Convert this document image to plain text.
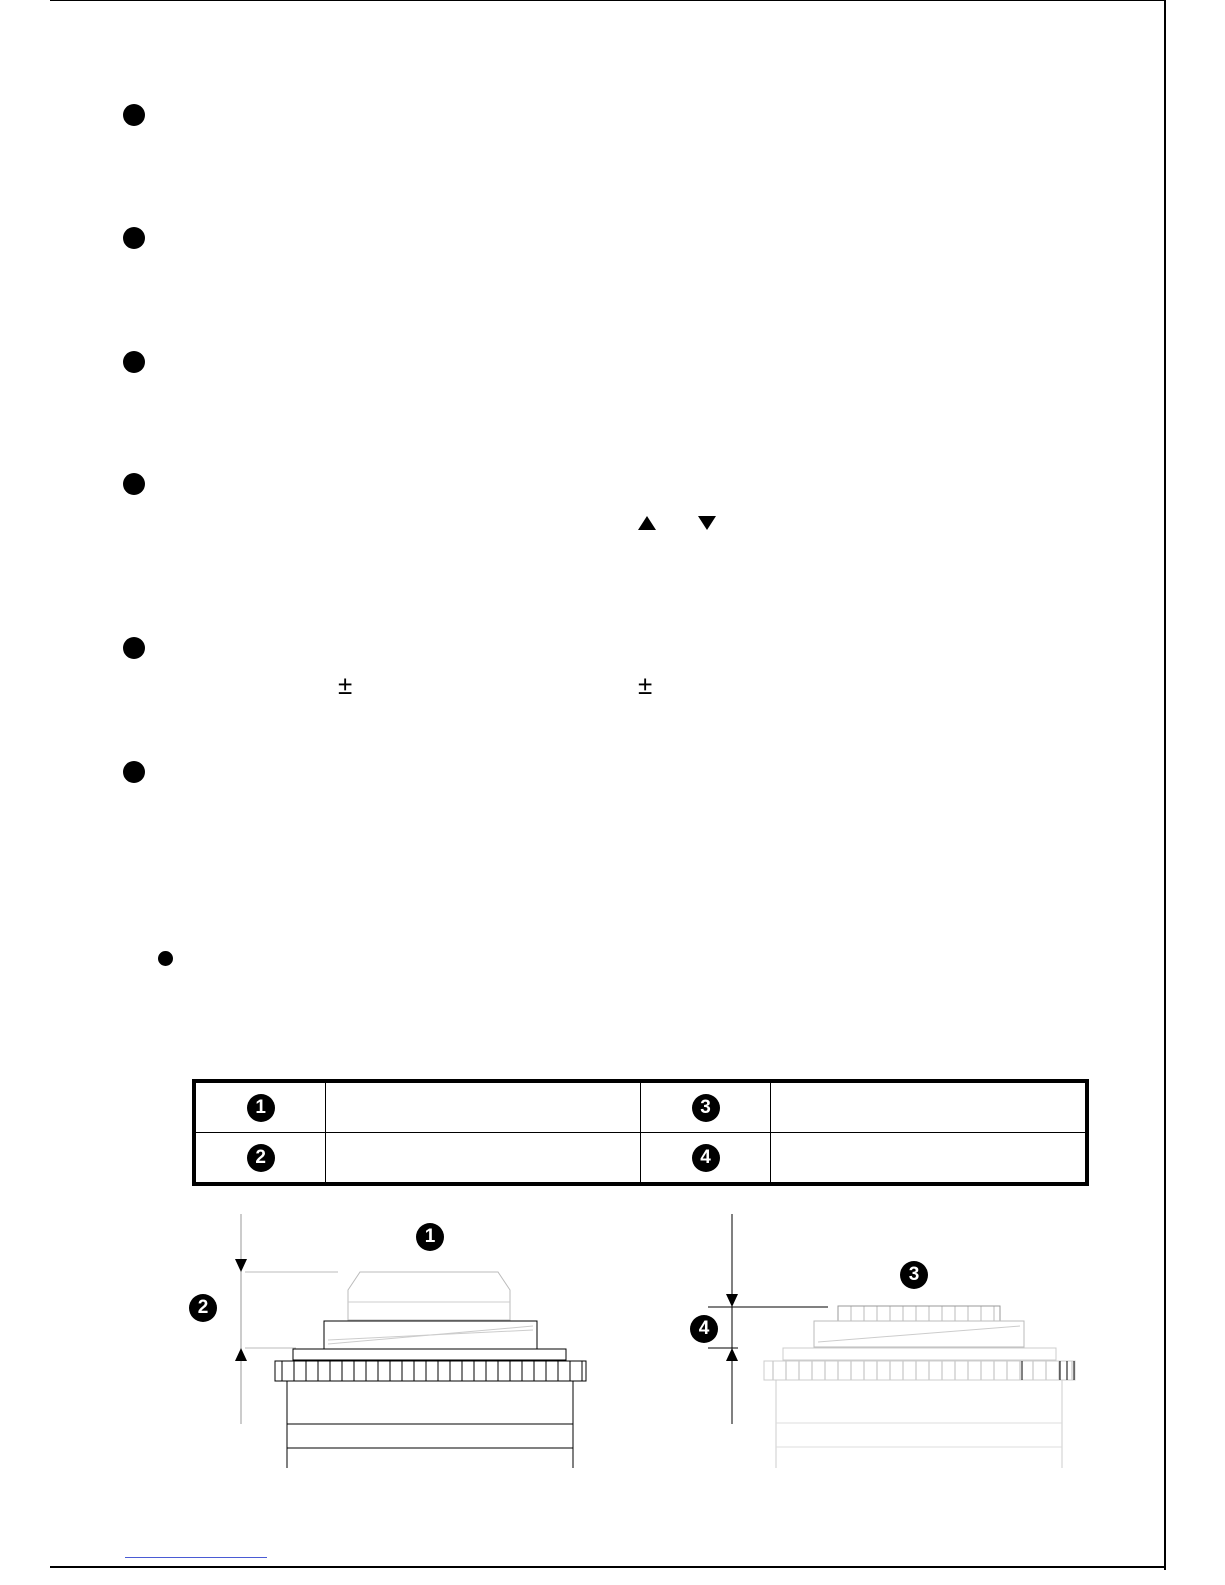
±	±
1		3	
2		4	
1
2
3
4
